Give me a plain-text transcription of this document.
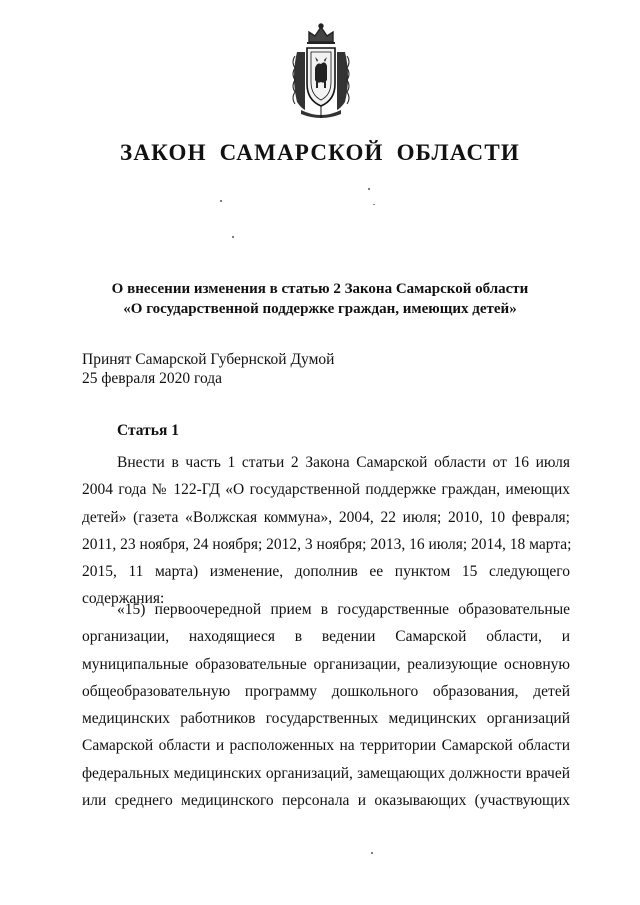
ЗАКОН САМАРСКОЙ ОБЛАСТИ
О внесении изменения в статью 2 Закона Самарской области
«О государственной поддержке граждан, имеющих детей»
Принят Самарской Губернской Думой
25 февраля 2020 года
Статья 1
Внести в часть 1 статьи 2 Закона Самарской области от 16 июля
2004 года № 122-ГД «О государственной поддержке граждан, имеющих
детей» (газета «Волжская коммуна», 2004, 22 июля; 2010, 10 февраля;
2011, 23 ноября, 24 ноября; 2012, 3 ноября; 2013, 16 июля; 2014, 18 марта;
2015, 11 марта) изменение, дополнив ее пунктом 15 следующего
содержания:
«15) первоочередной прием в государственные образовательные
организации, находящиеся в ведении Самарской области, и
муниципальные образовательные организации, реализующие основную
общеобразовательную программу дошкольного образования, детей
медицинских работников государственных медицинских организаций
Самарской области и расположенных на территории Самарской области
федеральных медицинских организаций, замещающих должности врачей
или среднего медицинского персонала и оказывающих (участвующих
